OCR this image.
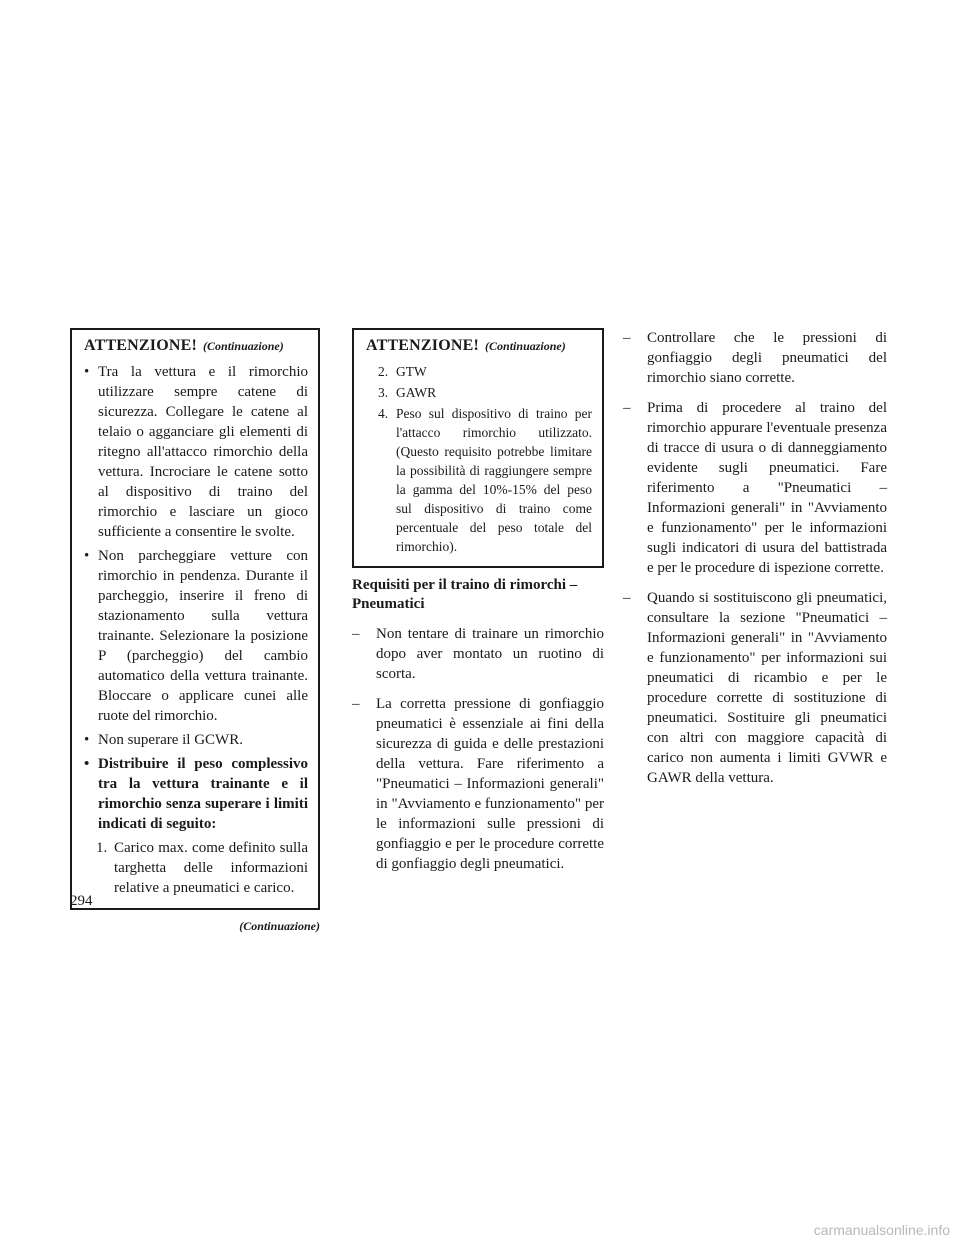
ATTENZIONE! (Continuazione)
• Tra la vettura e il rimorchio utilizzare sempre catene di sicurezza. Collegare le catene al telaio o agganciare gli elementi di ritegno all'attacco rimorchio della vettura. Incrociare le catene sotto al dispositivo di traino del rimorchio e lasciare un gioco sufficiente a consentire le svolte.
• Non parcheggiare vetture con rimorchio in pendenza. Durante il parcheggio, inserire il freno di stazionamento sulla vettura trainante. Selezionare la posizione P (parcheggio) del cambio automatico della vettura trainante. Bloccare o applicare cunei alle ruote del rimorchio.
• Non superare il GCWR.
• Distribuire il peso complessivo tra la vettura trainante e il rimorchio senza superare i limiti indicati di seguito:
1. Carico max. come definito sulla targhetta delle informazioni relative a pneumatici e carico.
(Continuazione)
ATTENZIONE! (Continuazione)
2. GTW
3. GAWR
4. Peso sul dispositivo di traino per l'attacco rimorchio utilizzato. (Questo requisito potrebbe limitare la possibilità di raggiungere sempre la gamma del 10%-15% del peso sul dispositivo di traino come percentuale del peso totale del rimorchio).
Requisiti per il traino di rimorchi – Pneumatici
– Non tentare di trainare un rimorchio dopo aver montato un ruotino di scorta.
– La corretta pressione di gonfiaggio pneumatici è essenziale ai fini della sicurezza di guida e delle prestazioni della vettura. Fare riferimento a "Pneumatici – Informazioni generali" in "Avviamento e funzionamento" per le informazioni sulle pressioni di gonfiaggio e per le procedure corrette di gonfiaggio degli pneumatici.
– Controllare che le pressioni di gonfiaggio degli pneumatici del rimorchio siano corrette.
– Prima di procedere al traino del rimorchio appurare l'eventuale presenza di tracce di usura o di danneggiamento evidente sugli pneumatici. Fare riferimento a "Pneumatici – Informazioni generali" in "Avviamento e funzionamento" per le informazioni sugli indicatori di usura del battistrada e per le procedure di ispezione corrette.
– Quando si sostituiscono gli pneumatici, consultare la sezione "Pneumatici – Informazioni generali" in "Avviamento e funzionamento" per informazioni sui pneumatici di ricambio e per le procedure corrette di sostituzione di pneumatici. Sostituire gli pneumatici con altri con maggiore capacità di carico non aumenta i limiti GVWR e GAWR della vettura.
294
carmanualsonline.info
